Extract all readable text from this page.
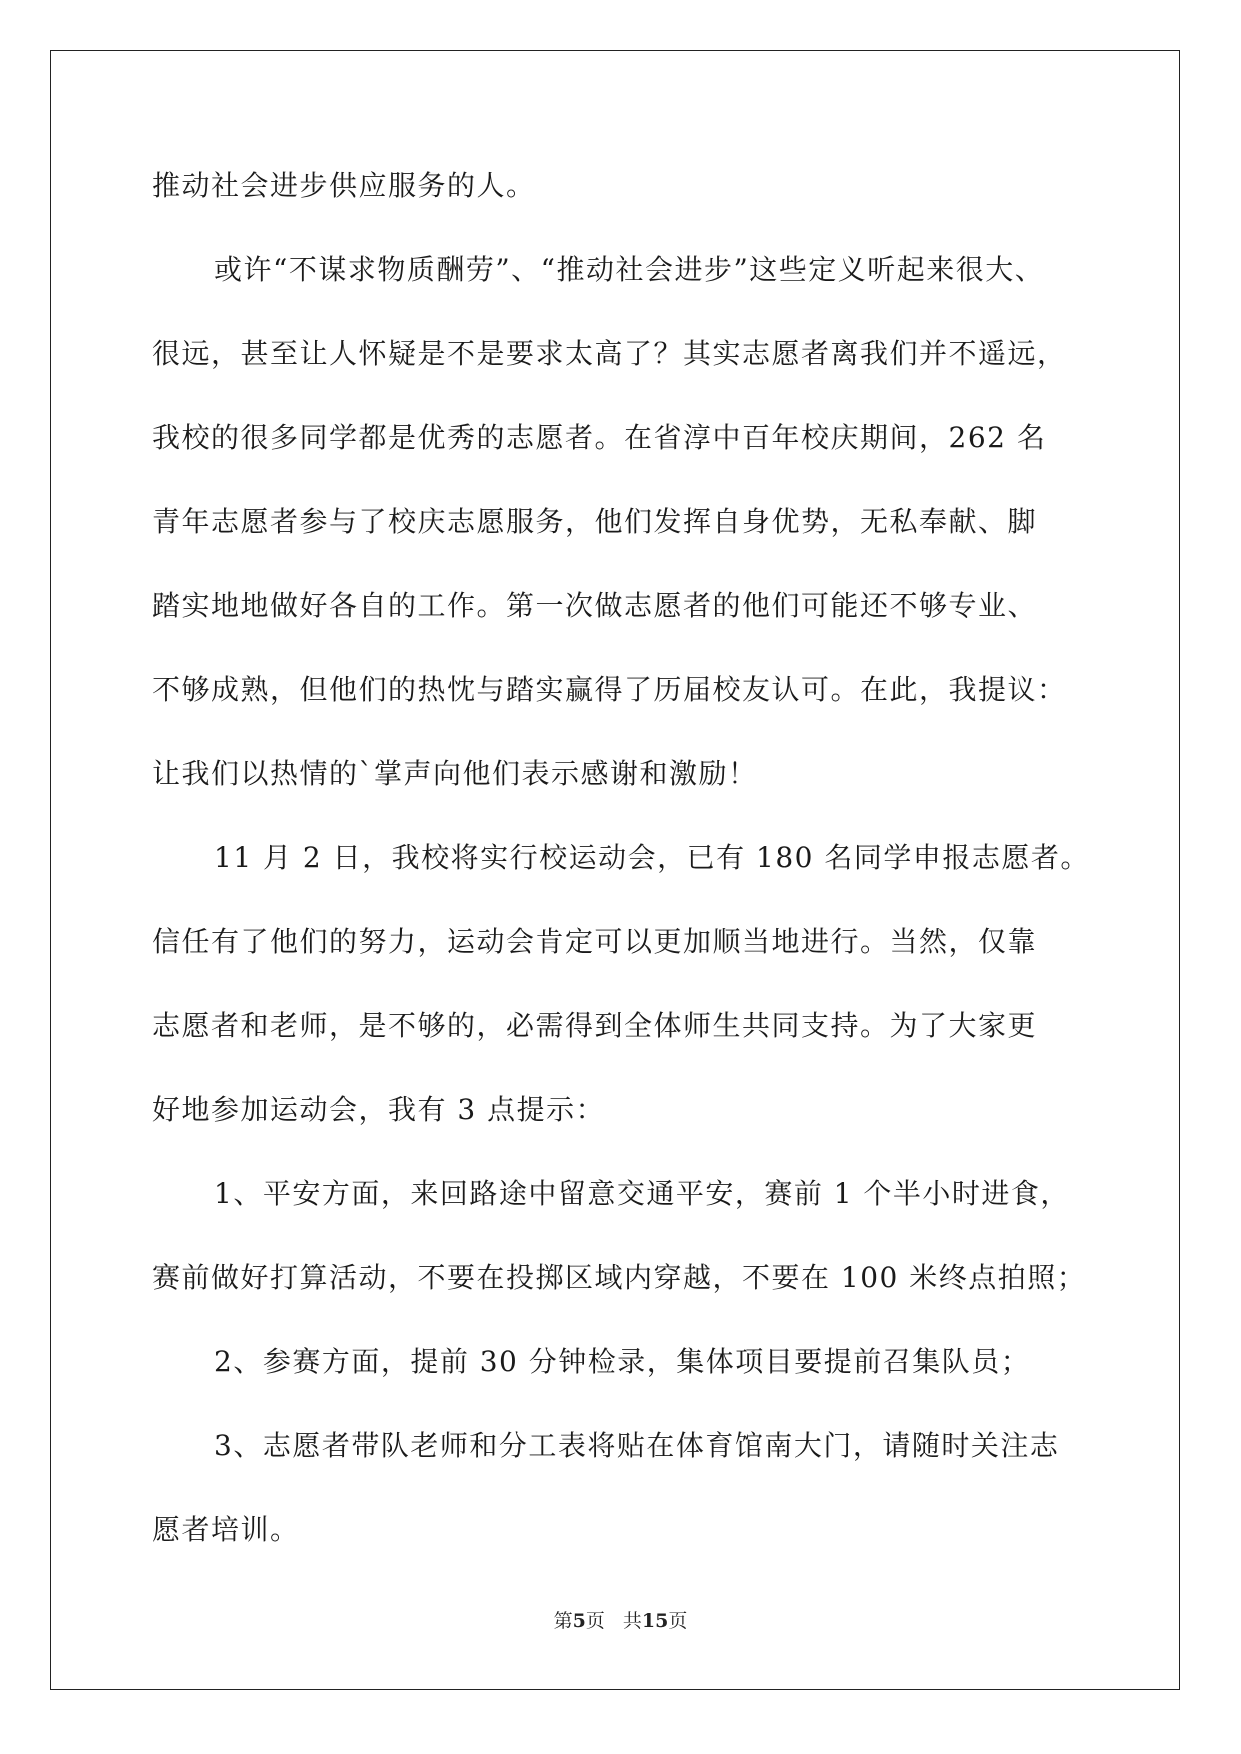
推动社会进步供应服务的人。
或许“不谋求物质酬劳”、“推动社会进步”这些定义听起来很大、
很远，甚至让人怀疑是不是要求太高了？其实志愿者离我们并不遥远，
我校的很多同学都是优秀的志愿者。在省淳中百年校庆期间，262 名
青年志愿者参与了校庆志愿服务，他们发挥自身优势，无私奉献、脚
踏实地地做好各自的工作。第一次做志愿者的他们可能还不够专业、
不够成熟，但他们的热忱与踏实赢得了历届校友认可。在此，我提议：
让我们以热情的`掌声向他们表示感谢和激励！
11 月 2 日，我校将实行校运动会，已有 180 名同学申报志愿者。
信任有了他们的努力，运动会肯定可以更加顺当地进行。当然，仅靠
志愿者和老师，是不够的，必需得到全体师生共同支持。为了大家更
好地参加运动会，我有 3 点提示：
1、平安方面，来回路途中留意交通平安，赛前 1 个半小时进食，
赛前做好打算活动，不要在投掷区域内穿越，不要在 100 米终点拍照；
2、参赛方面，提前 30 分钟检录，集体项目要提前召集队员；
3、志愿者带队老师和分工表将贴在体育馆南大门，请随时关注志
愿者培训。
第5页 共15页
